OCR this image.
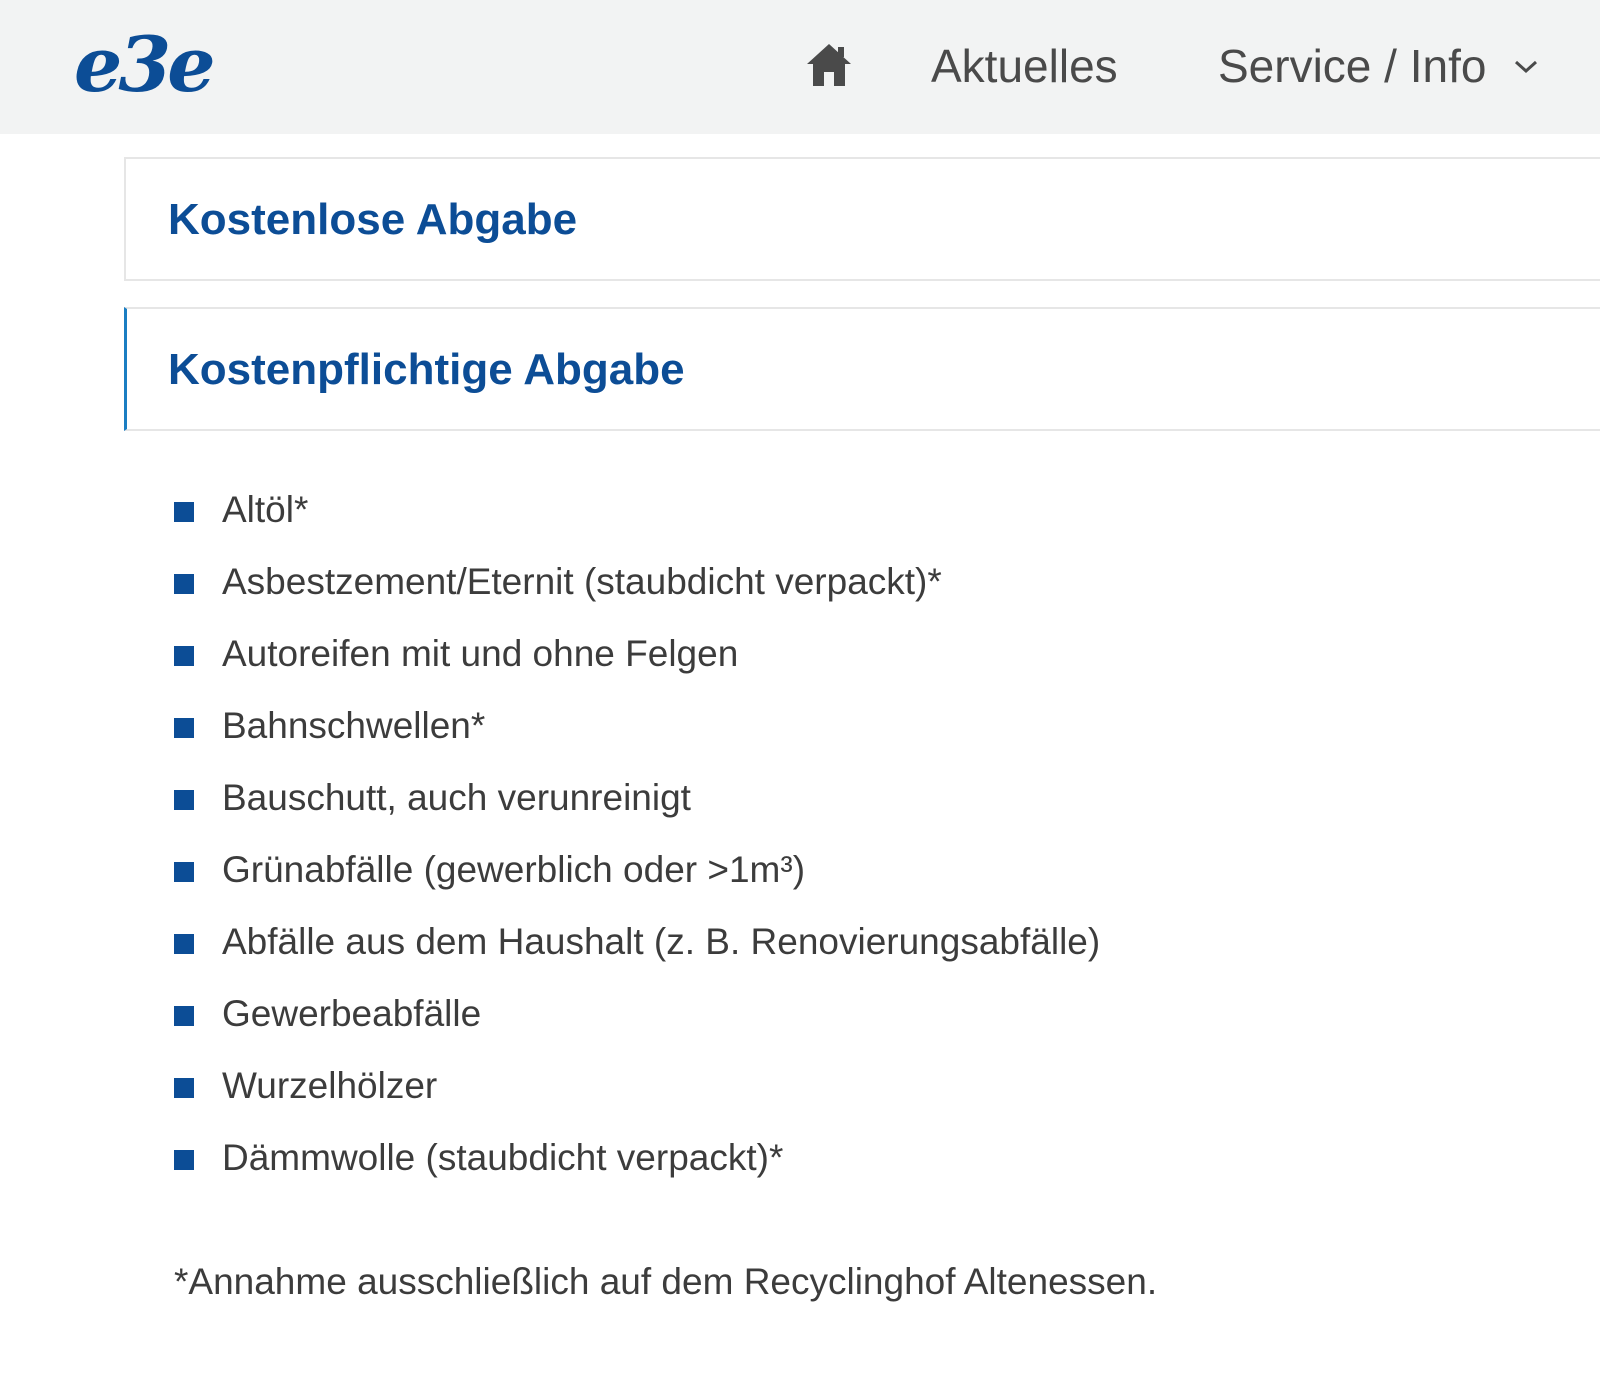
e3e	Aktuelles Service / Info
Kostenlose Abgabe
Kostenpflichtige Abgabe
Altöl*
Asbestzement/Eternit (staubdicht verpackt)*
Autoreifen mit und ohne Felgen
Bahnschwellen*
Bauschutt, auch verunreinigt
Grünabfälle (gewerblich oder >1m³)
Abfälle aus dem Haushalt (z. B. Renovierungsabfälle)
Gewerbeabfälle
Wurzelhölzer
Dämmwolle (staubdicht verpackt)*

*Annahme ausschließlich auf dem Recyclinghof Altenessen.
